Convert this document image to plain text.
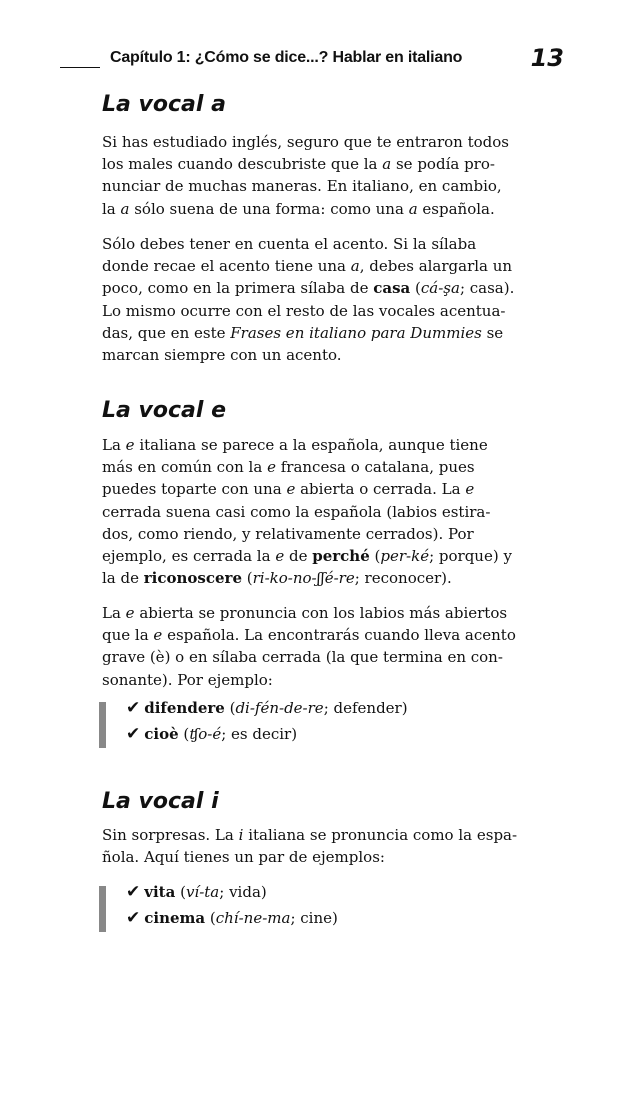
Capítulo 1: ¿Cómo se dice...? Hablar en italiano	13
La vocal a

Si has estudiado inglés, seguro que te entraron todos
los males cuando descubriste que la a se podía pro-
nunciar de muchas maneras. En italiano, en cambio,
la a sólo suena de una forma: como una a española.

Sólo debes tener en cuenta el acento. Si la sílaba
donde recae el acento tiene una a, debes alargarla un
poco, como en la primera sílaba de casa (cá-şa; casa).
Lo mismo ocurre con el resto de las vocales acentua-
das, que en este Frases en italiano para Dummies se
marcan siempre con un acento.

La vocal e

La e italiana se parece a la española, aunque tiene
más en común con la e francesa o catalana, pues
puedes toparte con una e abierta o cerrada. La e
cerrada suena casi como la española (labios estira-
dos, como riendo, y relativamente cerrados). Por
ejemplo, es cerrada la e de perché (per-ké; porque) y
la de riconoscere (ri-ko-no-ʃʃé-re; reconocer).

La e abierta se pronuncia con los labios más abiertos
que la e española. La encontrarás cuando lleva acento
grave (è) o en sílaba cerrada (la que termina en con-
sonante). Por ejemplo:

✔ difendere (di-fén-de-re; defender)
✔ cioè (ʧo-é; es decir)
La vocal i

Sin sorpresas. La i italiana se pronuncia como la espa-
ñola. Aquí tienes un par de ejemplos:

✔ vita (ví-ta; vida)
✔ cinema (chí-ne-ma; cine)
